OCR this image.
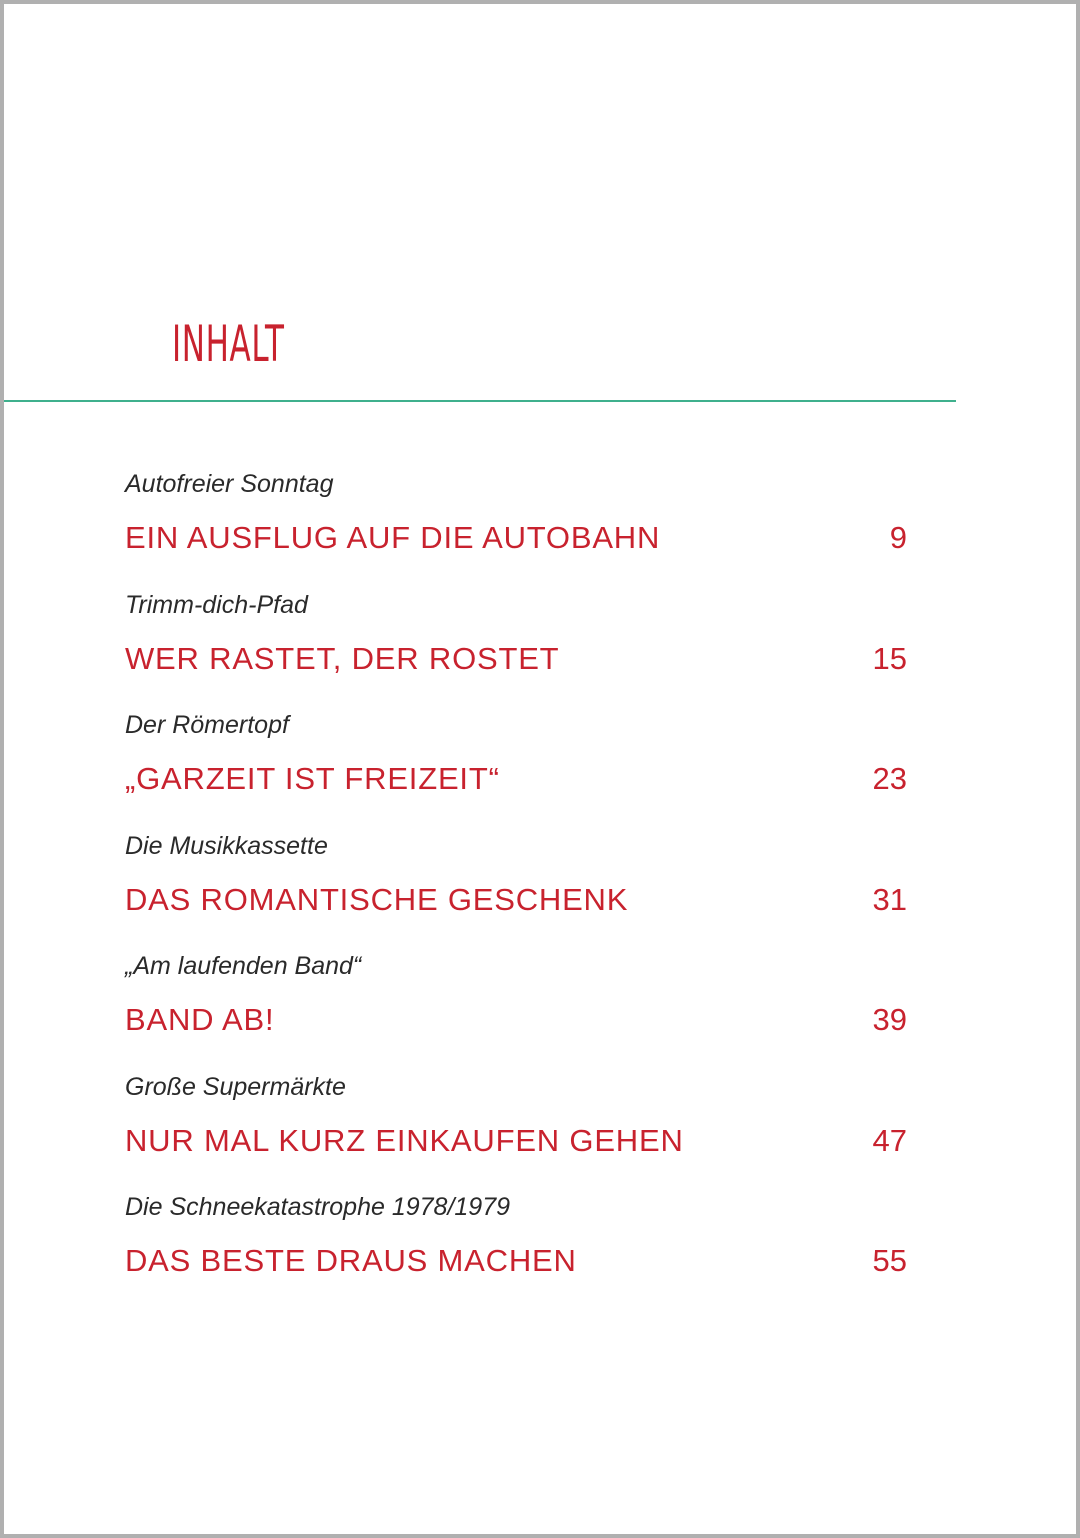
INHALT
Autofreier Sonntag
EIN AUSFLUG AUF DIE AUTOBAHN	9
Trimm-dich-Pfad
WER RASTET, DER ROSTET	15
Der Römertopf
„GARZEIT IST FREIZEIT“	23
Die Musikkassette
DAS ROMANTISCHE GESCHENK	31
„Am laufenden Band“
BAND AB!	39
Große Supermärkte
NUR MAL KURZ EINKAUFEN GEHEN	47
Die Schneekatastrophe 1978/1979
DAS BESTE DRAUS MACHEN	55
